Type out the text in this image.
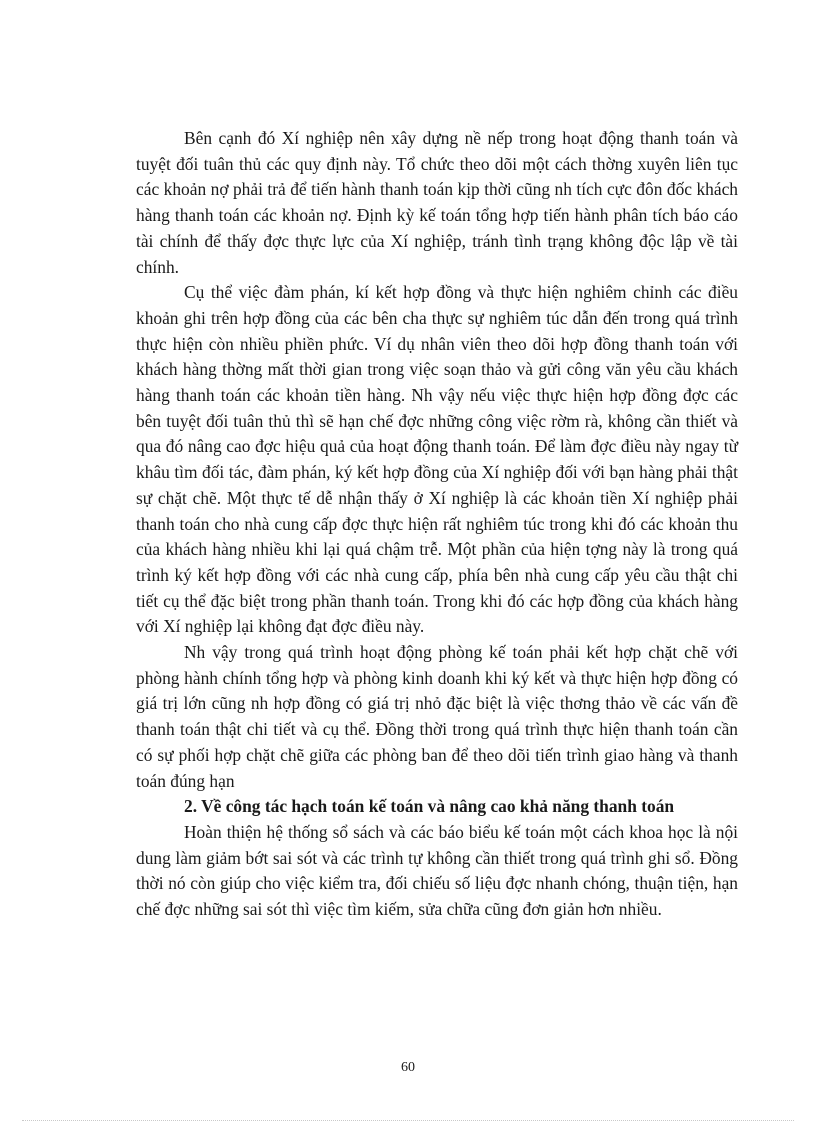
Bên cạnh đó Xí nghiệp nên xây dựng nề nếp trong hoạt động thanh toán và tuyệt đối tuân thủ các quy định này. Tổ chức theo dõi một cách thờng xuyên liên tục các khoản nợ phải trả để tiến hành thanh toán kịp thời cũng nh tích cực đôn đốc khách hàng thanh toán các khoản nợ. Định kỳ kế toán tổng hợp tiến hành phân tích báo cáo tài chính để thấy đợc thực lực của Xí nghiệp, tránh tình trạng không độc lập về tài chính.

Cụ thể việc đàm phán, kí kết hợp đồng và thực hiện nghiêm chỉnh các điều khoản ghi trên hợp đồng của các bên cha thực sự nghiêm túc dẫn đến trong quá trình thực hiện còn nhiều phiền phức. Ví dụ nhân viên theo dõi hợp đồng thanh toán với khách hàng thờng mất thời gian trong việc soạn thảo và gửi công văn yêu cầu khách hàng thanh toán các khoản tiền hàng. Nh vậy nếu việc thực hiện hợp đồng đợc các bên tuyệt đối tuân thủ thì sẽ hạn chế đợc những công việc rờm rà, không cần thiết và qua đó nâng cao đợc hiệu quả của hoạt động thanh toán. Để làm đợc điều này ngay từ khâu tìm đối tác, đàm phán, ký kết hợp đồng của Xí nghiệp đối với bạn hàng phải thật sự chặt chẽ. Một thực tế dễ nhận thấy ở Xí nghiệp là các khoản tiền Xí nghiệp phải thanh toán cho nhà cung cấp đợc thực hiện rất nghiêm túc trong khi đó các khoản thu của khách hàng nhiều khi lại quá chậm trễ. Một phần của hiện tợng này là trong quá trình ký kết hợp đồng với các nhà cung cấp, phía bên nhà cung cấp yêu cầu thật chi tiết cụ thể đặc biệt trong phần thanh toán. Trong khi đó các hợp đồng của khách hàng với Xí nghiệp lại không đạt đợc điều này.

Nh vậy trong quá trình hoạt động phòng kế toán phải kết hợp chặt chẽ với phòng hành chính tổng hợp và phòng kinh doanh khi ký kết và thực hiện hợp đồng có giá trị lớn cũng nh hợp đồng có giá trị nhỏ đặc biệt là việc thơng thảo về các vấn đề thanh toán thật chi tiết và cụ thể. Đồng thời trong quá trình thực hiện thanh toán cần có sự phối hợp chặt chẽ giữa các phòng ban để theo dõi tiến trình giao hàng và thanh toán đúng hạn

2. Về công tác hạch toán kế toán và nâng cao khả năng thanh toán

Hoàn thiện hệ thống sổ sách và các báo biểu kế toán một cách khoa học là nội dung làm giảm bớt sai sót và các trình tự không cần thiết trong quá trình ghi sổ. Đồng thời nó còn giúp cho việc kiểm tra, đối chiếu số liệu đợc nhanh chóng, thuận tiện, hạn chế đợc những sai sót thì việc tìm kiếm, sửa chữa cũng đơn giản hơn nhiều.

60
